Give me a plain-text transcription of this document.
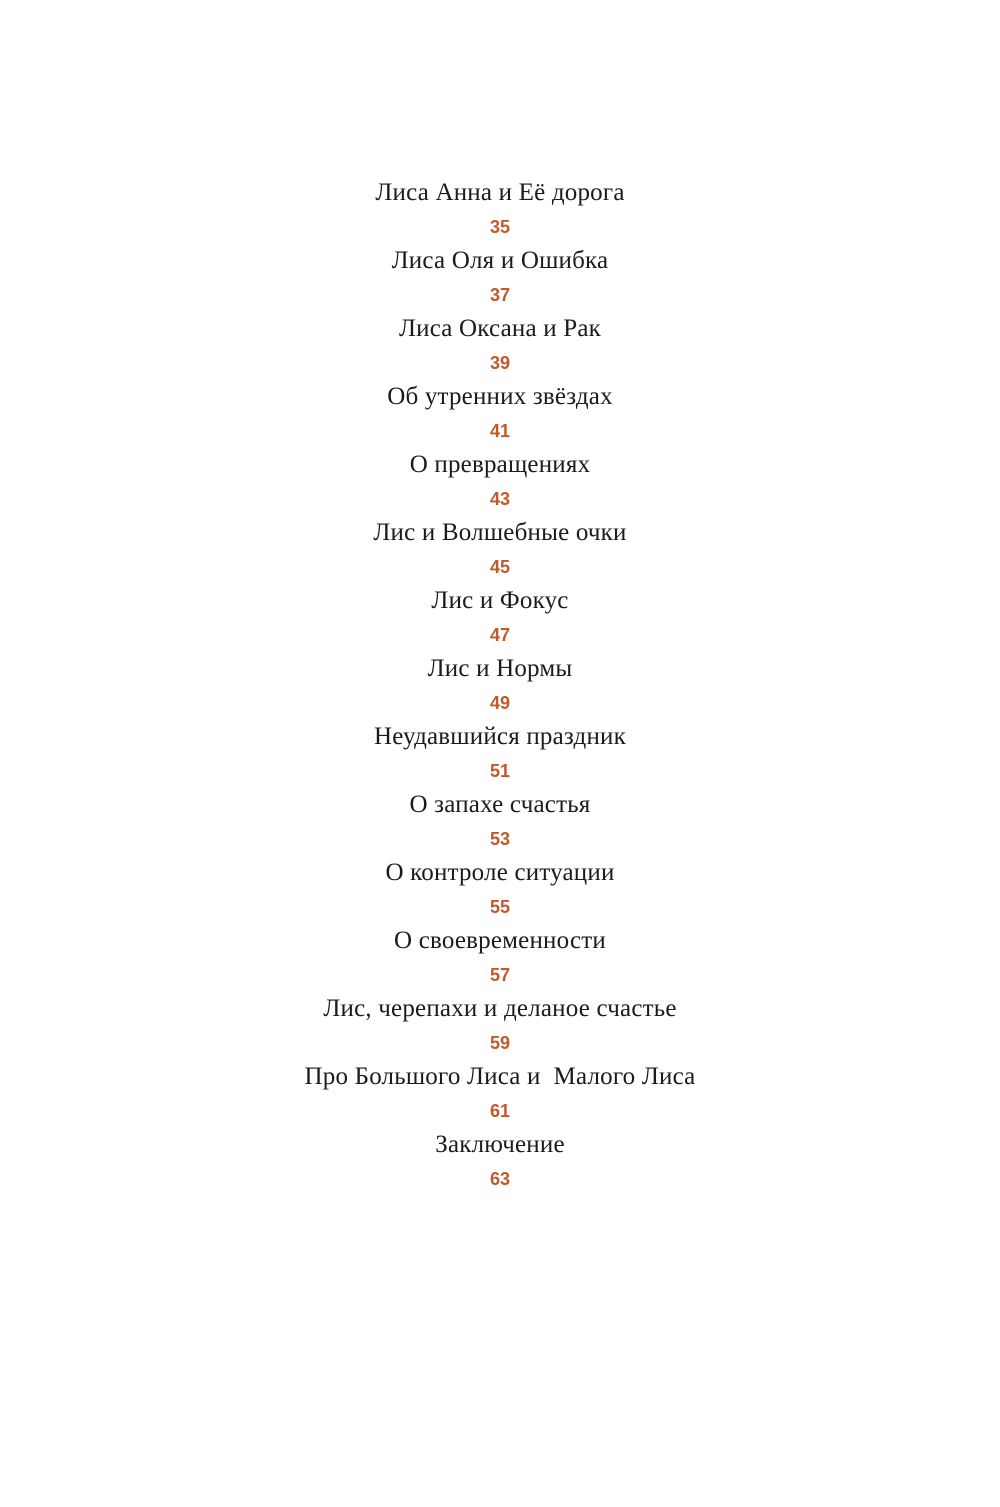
Лиса Анна и Её дорога
35
Лиса Оля и Ошибка
37
Лиса Оксана и Рак
39
Об утренних звёздах
41
О превращениях
43
Лис и Волшебные очки
45
Лис и Фокус
47
Лис и Нормы
49
Неудавшийся праздник
51
О запахе счастья
53
О контроле ситуации
55
О своевременности
57
Лис, черепахи и деланое счастье
59
Про Большого Лиса и  Малого Лиса
61
Заключение
63
